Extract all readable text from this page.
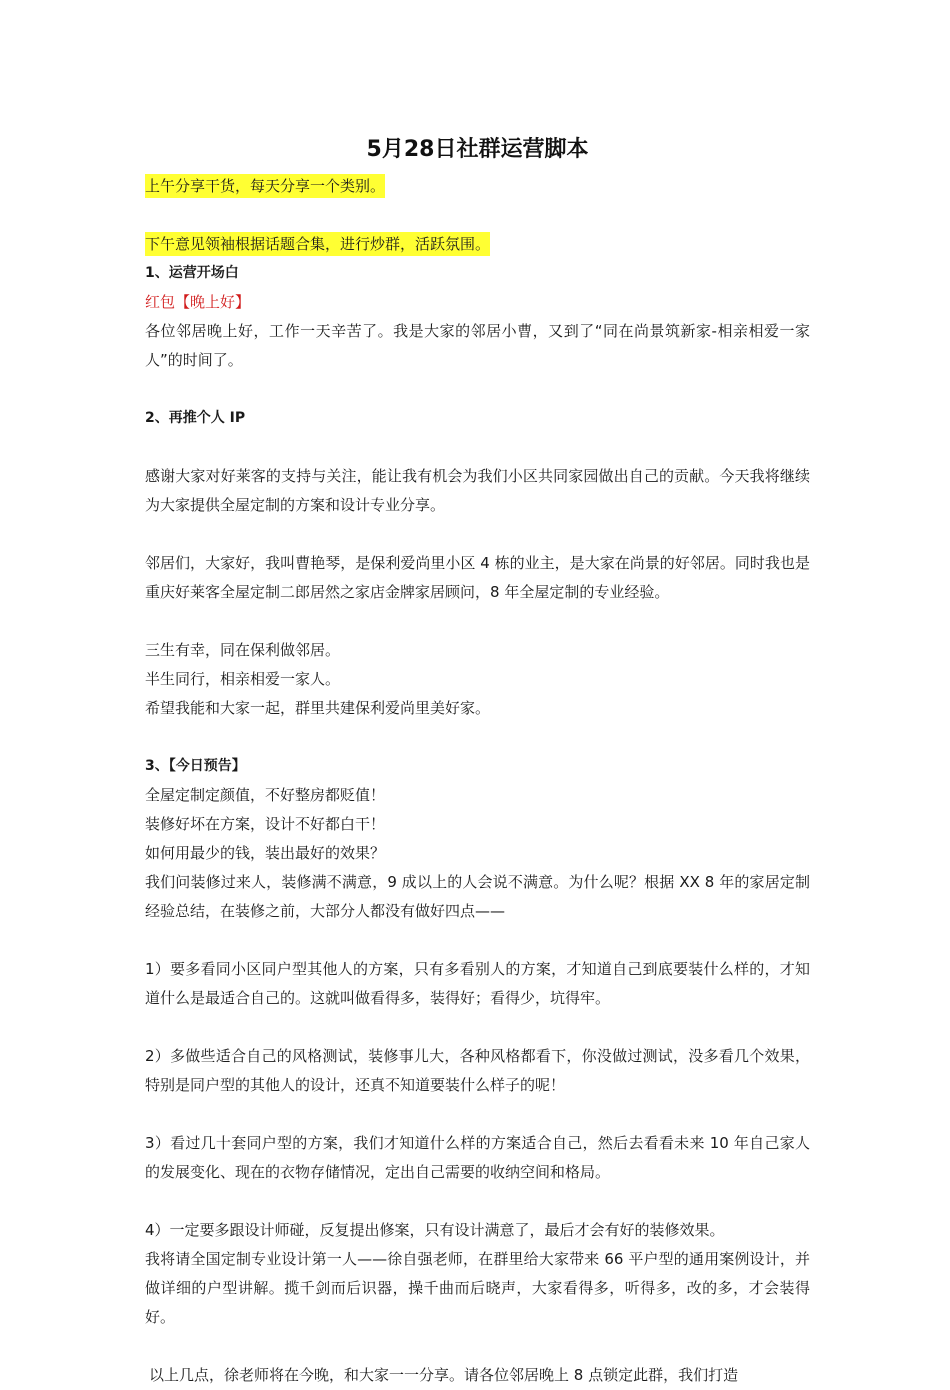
5月28日社群运营脚本
上午分享干货，每天分享一个类别。
下午意见领袖根据话题合集，进行炒群，活跃氛围。
1、运营开场白
红包【晚上好】

各位邻居晚上好，工作一天辛苦了。我是大家的邻居小曹，又到了“同在尚景筑新家-相亲相爱一家人”的时间了。

2、再推个人 IP

感谢大家对好莱客的支持与关注，能让我有机会为我们小区共同家园做出自己的贡献。今天我将继续为大家提供全屋定制的方案和设计专业分享。

邻居们，大家好，我叫曹艳琴，是保利爱尚里小区 4 栋的业主，是大家在尚景的好邻居。同时我也是重庆好莱客全屋定制二郎居然之家店金牌家居顾问，8 年全屋定制的专业经验。

三生有幸，同在保利做邻居。

半生同行，相亲相爱一家人。

希望我能和大家一起，群里共建保利爱尚里美好家。

3、【今日预告】

全屋定制定颜值，不好整房都贬值！

装修好坏在方案，设计不好都白干！

如何用最少的钱，装出最好的效果？

我们问装修过来人，装修满不满意，9 成以上的人会说不满意。为什么呢？根据 XX 8 年的家居定制经验总结，在装修之前，大部分人都没有做好四点——

1）要多看同小区同户型其他人的方案，只有多看别人的方案，才知道自己到底要装什么样的，才知道什么是最适合自己的。这就叫做看得多，装得好；看得少，坑得牢。

2）多做些适合自己的风格测试，装修事儿大，各种风格都看下，你没做过测试，没多看几个效果，特别是同户型的其他人的设计，还真不知道要装什么样子的呢！

3）看过几十套同户型的方案，我们才知道什么样的方案适合自己，然后去看看未来 10 年自己家人的发展变化、现在的衣物存储情况，定出自己需要的收纳空间和格局。

4）一定要多跟设计师碰，反复提出修案，只有设计满意了，最后才会有好的装修效果。

我将请全国定制专业设计第一人——徐自强老师，在群里给大家带来 66 平户型的通用案例设计，并做详细的户型讲解。揽千剑而后识器，操千曲而后晓声，大家看得多，听得多，改的多，才会装得好。

以上几点，徐老师将在今晚，和大家一一分享。请各位邻居晚上 8 点锁定此群，我们打造
